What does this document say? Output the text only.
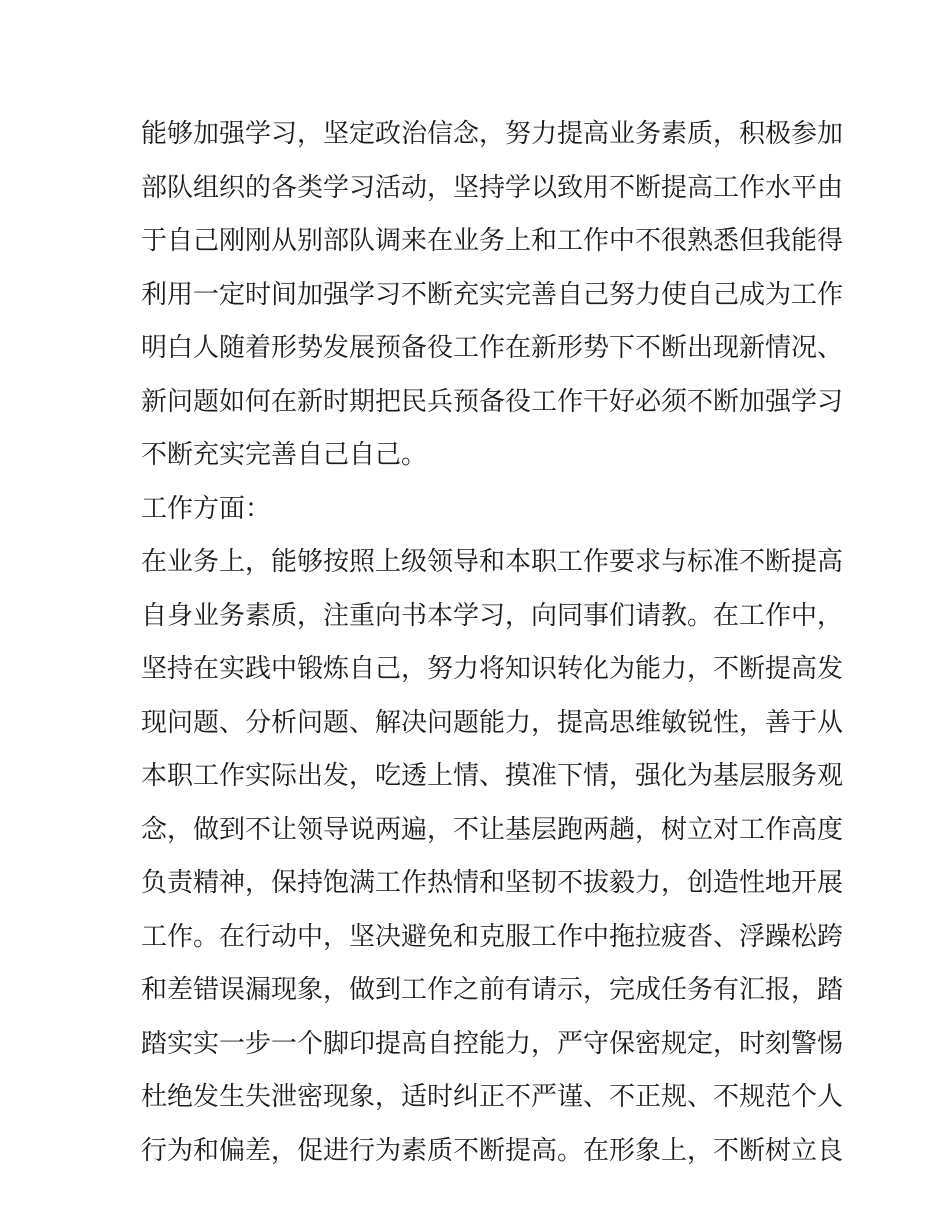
能够加强学习，坚定政治信念，努力提高业务素质，积极参加
部队组织的各类学习活动，坚持学以致用不断提高工作水平由
于自己刚刚从别部队调来在业务上和工作中不很熟悉但我能得
利用一定时间加强学习不断充实完善自己努力使自己成为工作
明白人随着形势发展预备役工作在新形势下不断出现新情况、
新问题如何在新时期把民兵预备役工作干好必须不断加强学习
不断充实完善自己自己。
工作方面：
在业务上，能够按照上级领导和本职工作要求与标准不断提高
自身业务素质，注重向书本学习，向同事们请教。在工作中，
坚持在实践中锻炼自己，努力将知识转化为能力，不断提高发
现问题、分析问题、解决问题能力，提高思维敏锐性，善于从
本职工作实际出发，吃透上情、摸准下情，强化为基层服务观
念，做到不让领导说两遍，不让基层跑两趟，树立对工作高度
负责精神，保持饱满工作热情和坚韧不拔毅力，创造性地开展
工作。在行动中，坚决避免和克服工作中拖拉疲沓、浮躁松跨
和差错误漏现象，做到工作之前有请示，完成任务有汇报，踏
踏实实一步一个脚印提高自控能力，严守保密规定，时刻警惕
杜绝发生失泄密现象，适时纠正不严谨、不正规、不规范个人
行为和偏差，促进行为素质不断提高。在形象上，不断树立良
